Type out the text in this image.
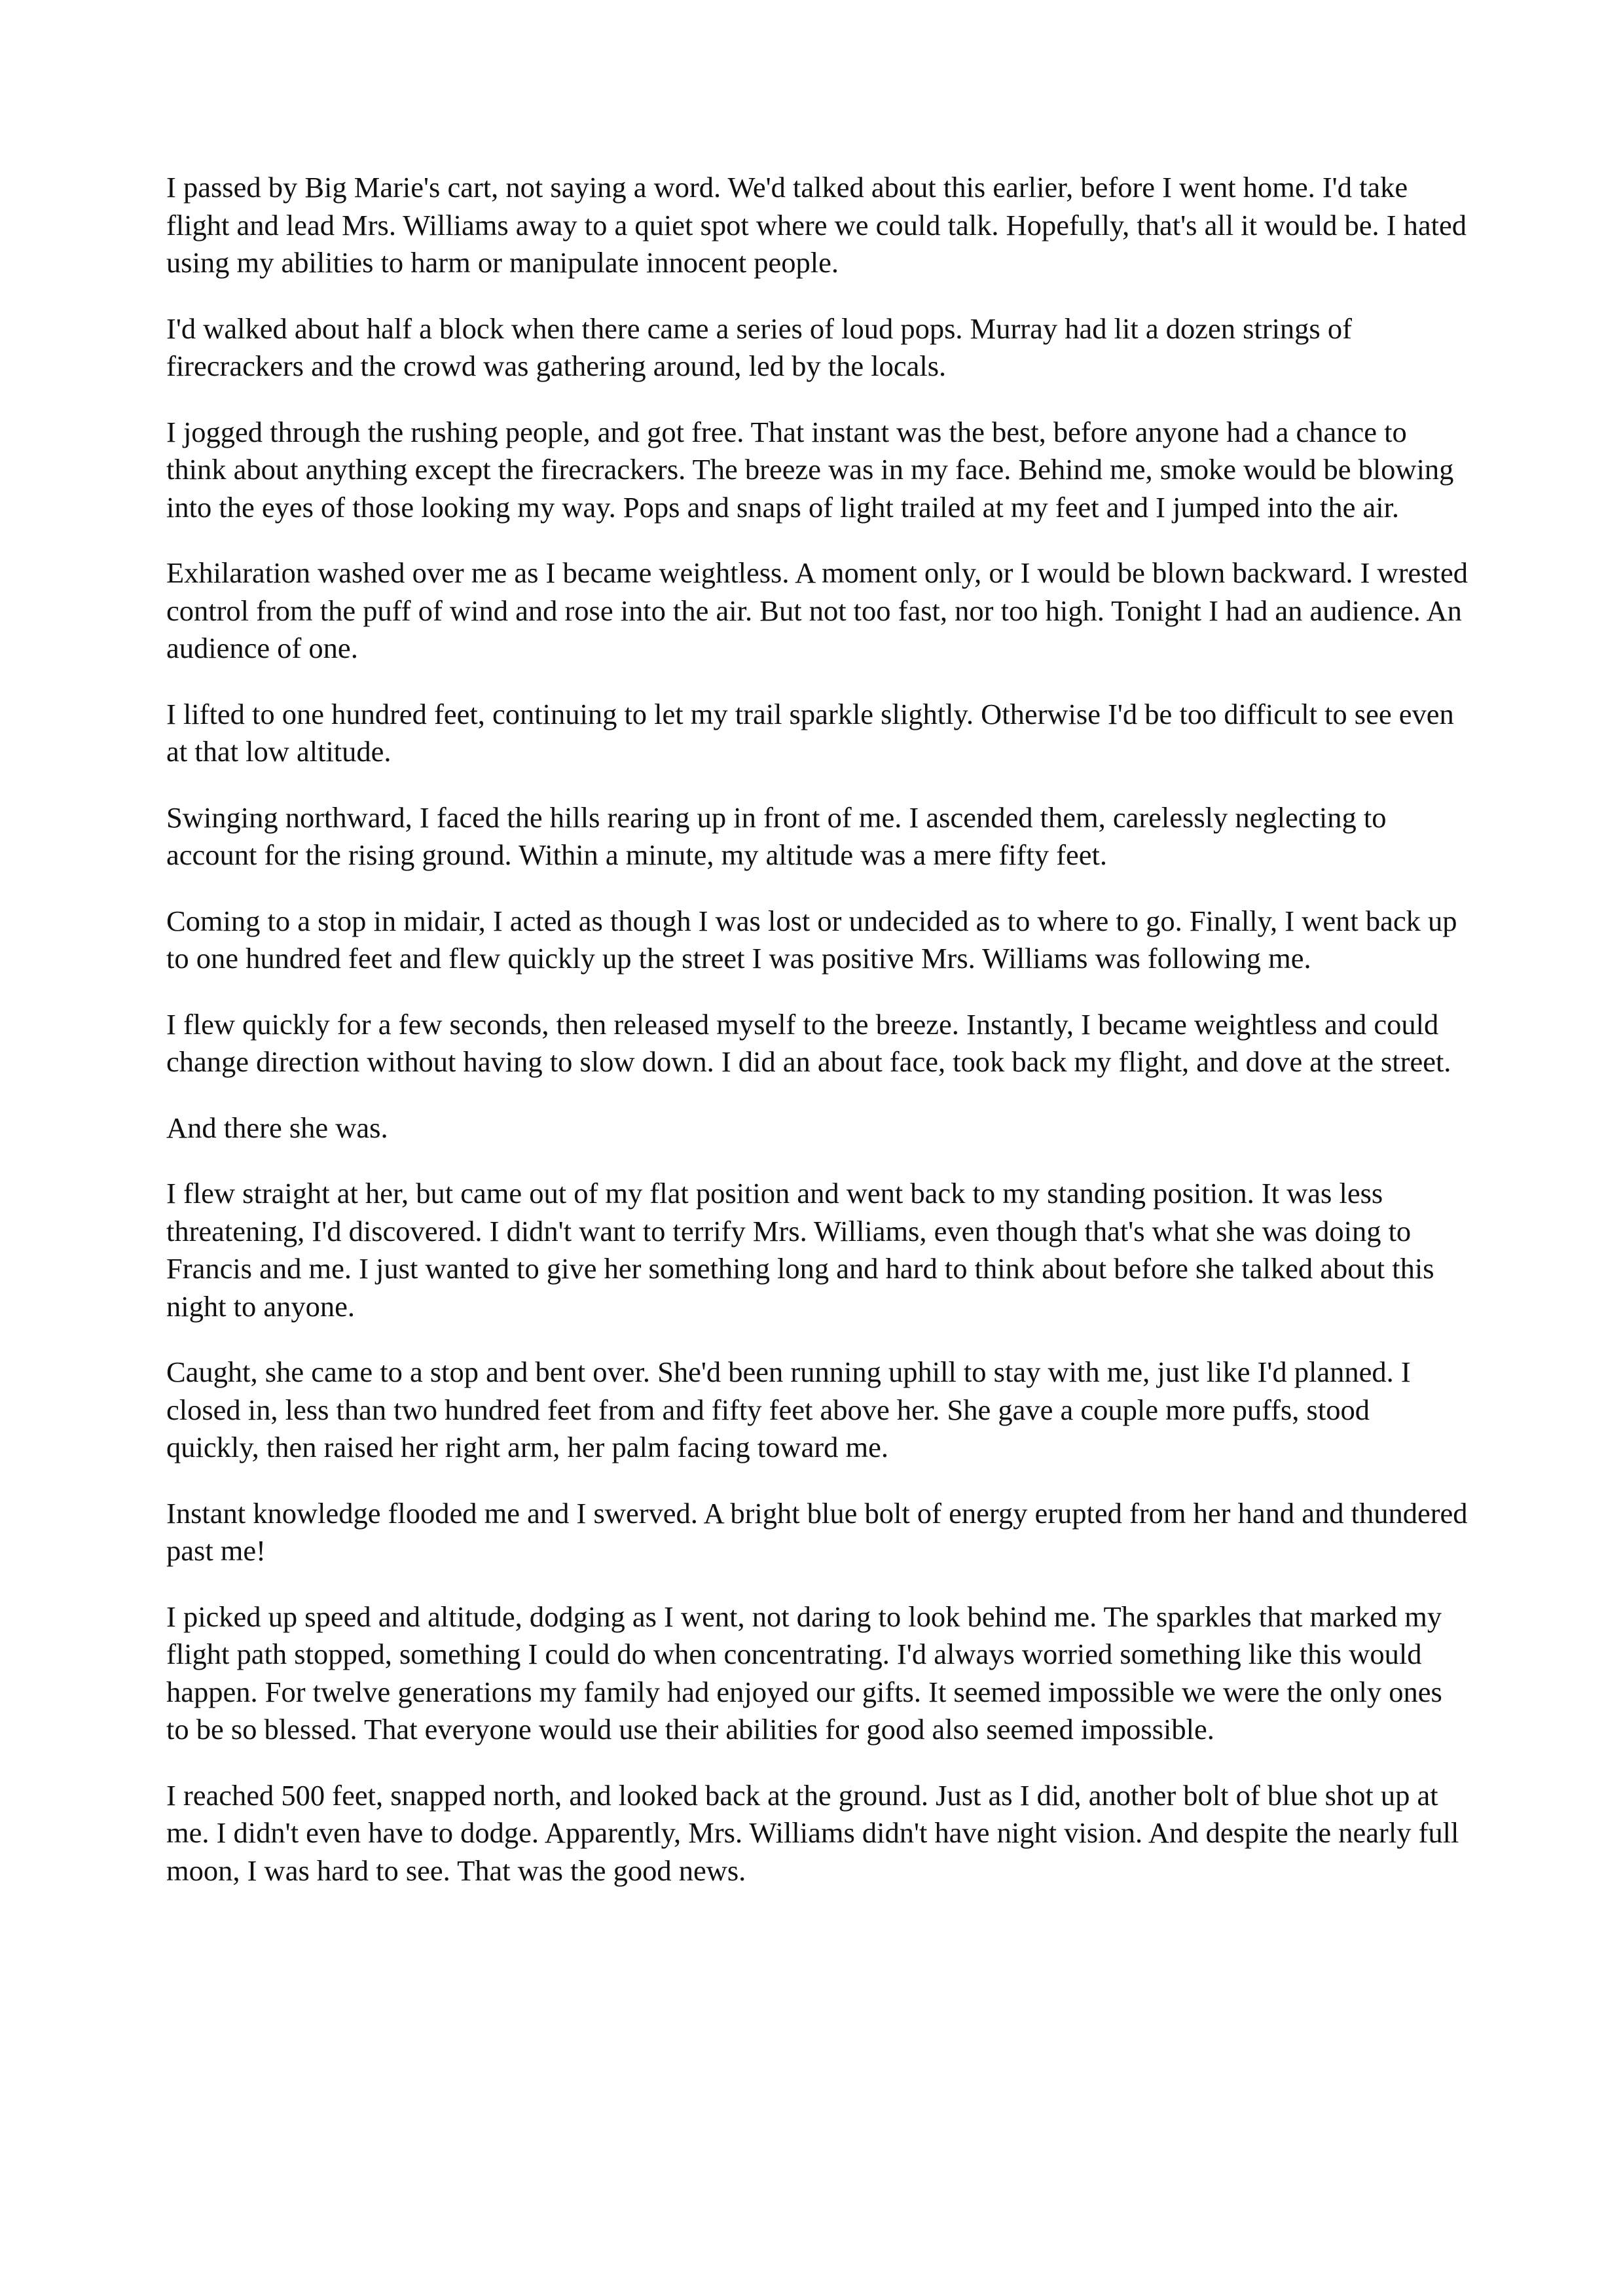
I passed by Big Marie's cart, not saying a word. We'd talked about this earlier, before I went home. I'd take flight and lead Mrs. Williams away to a quiet spot where we could talk. Hopefully, that's all it would be. I hated using my abilities to harm or manipulate innocent people.

I'd walked about half a block when there came a series of loud pops. Murray had lit a dozen strings of firecrackers and the crowd was gathering around, led by the locals.

I jogged through the rushing people, and got free. That instant was the best, before anyone had a chance to think about anything except the firecrackers. The breeze was in my face. Behind me, smoke would be blowing into the eyes of those looking my way. Pops and snaps of light trailed at my feet and I jumped into the air.

Exhilaration washed over me as I became weightless. A moment only, or I would be blown backward. I wrested control from the puff of wind and rose into the air. But not too fast, nor too high. Tonight I had an audience. An audience of one.

I lifted to one hundred feet, continuing to let my trail sparkle slightly. Otherwise I'd be too difficult to see even at that low altitude.

Swinging northward, I faced the hills rearing up in front of me. I ascended them, carelessly neglecting to account for the rising ground. Within a minute, my altitude was a mere fifty feet.

Coming to a stop in midair, I acted as though I was lost or undecided as to where to go. Finally, I went back up to one hundred feet and flew quickly up the street I was positive Mrs. Williams was following me.

I flew quickly for a few seconds, then released myself to the breeze. Instantly, I became weightless and could change direction without having to slow down. I did an about face, took back my flight, and dove at the street.

And there she was.

I flew straight at her, but came out of my flat position and went back to my standing position. It was less threatening, I'd discovered. I didn't want to terrify Mrs. Williams, even though that's what she was doing to Francis and me. I just wanted to give her something long and hard to think about before she talked about this night to anyone.

Caught, she came to a stop and bent over. She'd been running uphill to stay with me, just like I'd planned. I closed in, less than two hundred feet from and fifty feet above her. She gave a couple more puffs, stood quickly, then raised her right arm, her palm facing toward me.

Instant knowledge flooded me and I swerved. A bright blue bolt of energy erupted from her hand and thundered past me!

I picked up speed and altitude, dodging as I went, not daring to look behind me. The sparkles that marked my flight path stopped, something I could do when concentrating. I'd always worried something like this would happen. For twelve generations my family had enjoyed our gifts. It seemed impossible we were the only ones to be so blessed. That everyone would use their abilities for good also seemed impossible.

I reached 500 feet, snapped north, and looked back at the ground. Just as I did, another bolt of blue shot up at me. I didn't even have to dodge. Apparently, Mrs. Williams didn't have night vision. And despite the nearly full moon, I was hard to see. That was the good news.
